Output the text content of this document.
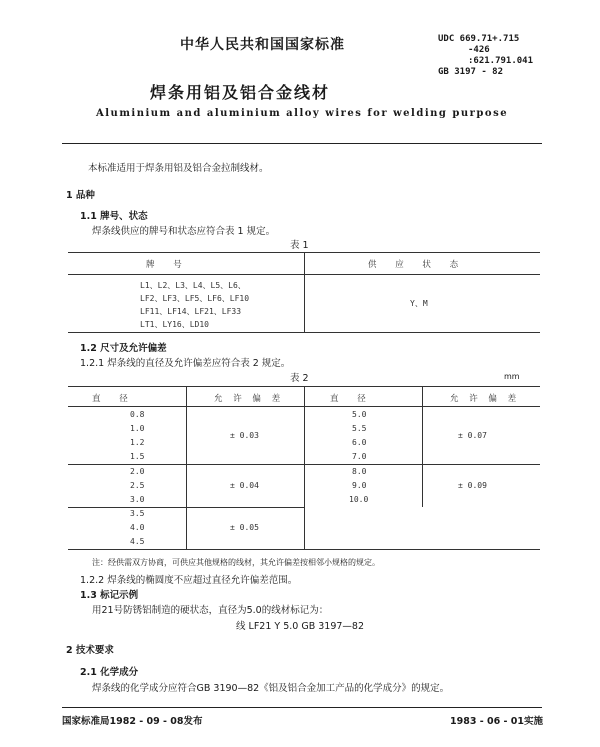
中华人民共和国国家标准	UDC 669.71+.715
-426
:621.791.041
GB 3197 - 82
焊条用铝及铝合金线材
Aluminium and aluminium alloy wires for welding purpose
本标准适用于焊条用铝及铝合金拉制线材。
1 品种
1.1 牌号、状态
焊条线供应的牌号和状态应符合表 1 规定。
表 1
牌 号	供 应 状 态
L1、L2、L3、L4、L5、L6、
LF2、LF3、LF5、LF6、LF10
LF11、LF14、LF21、LF33
LT1、LY16、LD10
Y、M
1.2 尺寸及允许偏差
1.2.1 焊条线的直径及允许偏差应符合表 2 规定。
表 2	mm
直 径	允 许 偏 差	直 径	允 许 偏 差
0.8
1.0
1.2
1.5
± 0.03
2.0
2.5
3.0
± 0.04
3.5
4.0
4.5
± 0.05
5.0
5.5
6.0
7.0
± 0.07
8.0
9.0
10.0
± 0.09
注：经供需双方协商，可供应其他规格的线材，其允许偏差按相邻小规格的规定。
1.2.2 焊条线的椭圆度不应超过直径允许偏差范围。
1.3 标记示例
用21号防锈铝制造的硬状态，直径为5.0的线材标记为：
线 LF21 Y 5.0 GB 3197—82
2 技术要求
2.1 化学成分
焊条线的化学成分应符合GB 3190—82《铝及铝合金加工产品的化学成分》的规定。
国家标准局1982 - 09 - 08发布	1983 - 06 - 01实施
